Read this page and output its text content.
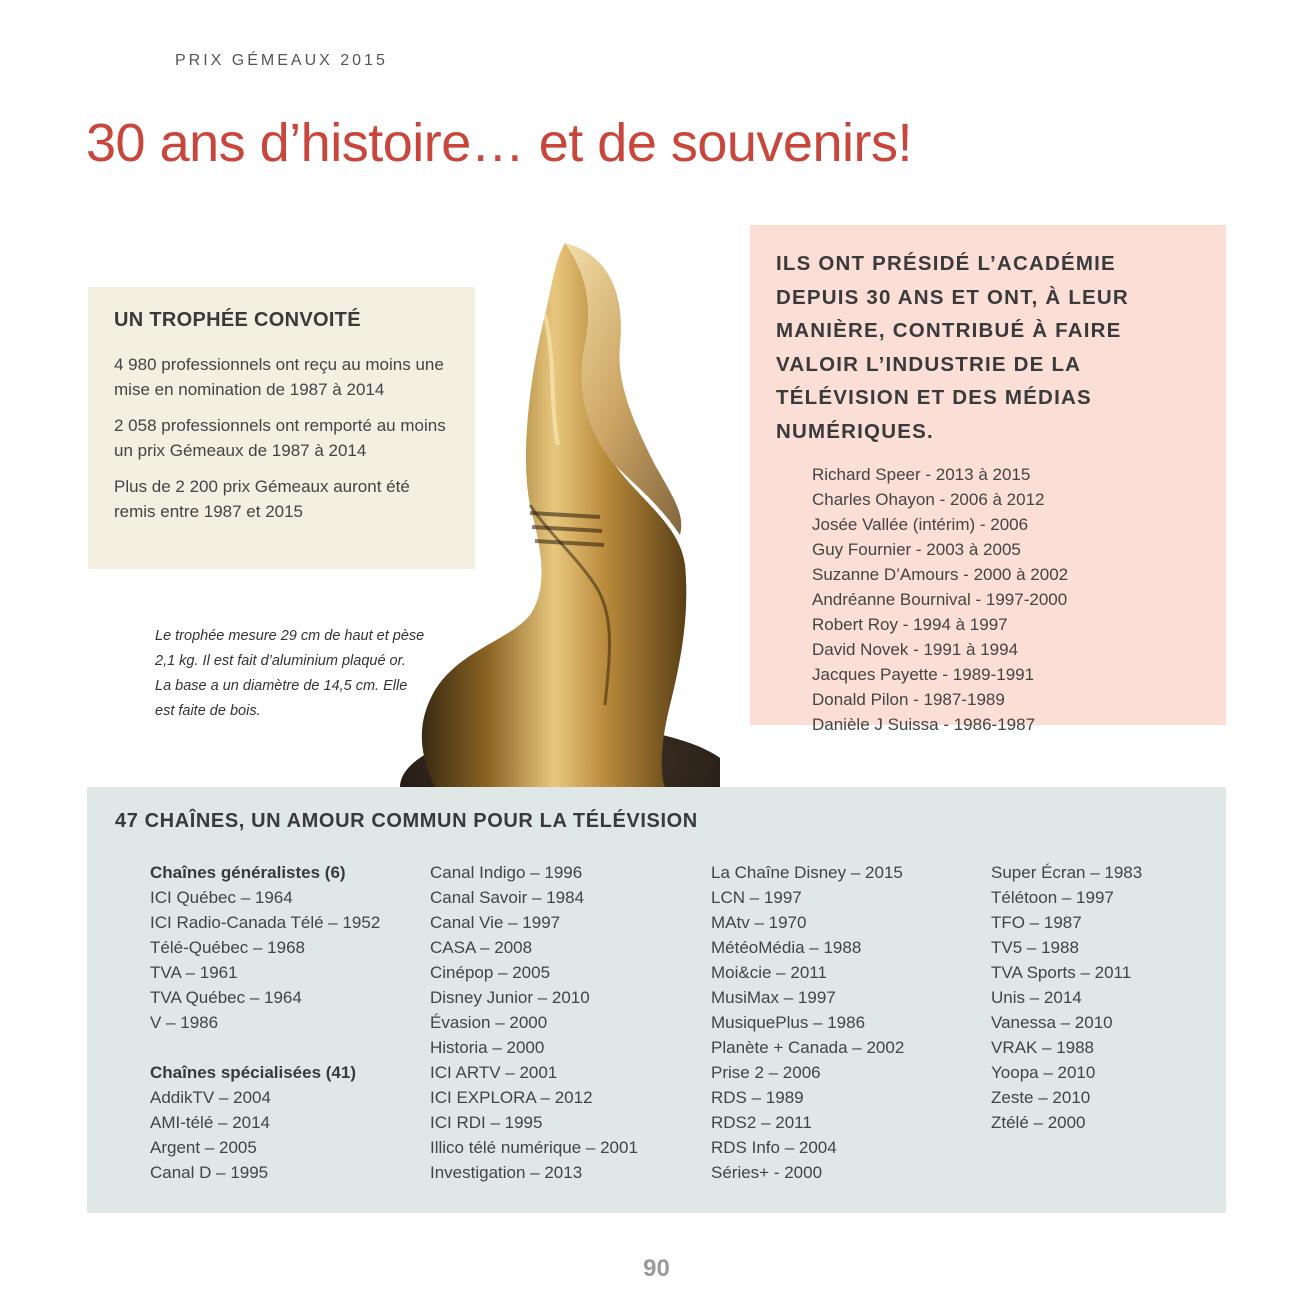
PRIX GÉMEAUX 2015
30 ans d’histoire… et de souvenirs!
UN TROPHÉE CONVOITÉ

4 980 professionnels ont reçu au moins une mise en nomination de 1987 à 2014

2 058 professionnels ont remporté au moins un prix Gémeaux de 1987 à 2014

Plus de 2 200 prix Gémeaux auront été remis entre 1987 et 2015

Le trophée mesure 29 cm de haut et pèse 2,1 kg. Il est fait d’aluminium plaqué or. La base a un diamètre de 14,5 cm. Elle est faite de bois.
ILS ONT PRÉSIDÉ L’ACADÉMIE DEPUIS 30 ANS ET ONT, À LEUR MANIÈRE, CONTRIBUÉ À FAIRE VALOIR L’INDUSTRIE DE LA TÉLÉVISION ET DES MÉDIAS NUMÉRIQUES.
Richard Speer - 2013 à 2015
Charles Ohayon - 2006 à 2012
Josée Vallée (intérim) - 2006
Guy Fournier - 2003 à 2005
Suzanne D’Amours - 2000 à 2002
Andréanne Bournival - 1997-2000
Robert Roy - 1994 à 1997
David Novek - 1991 à 1994
Jacques Payette - 1989-1991
Donald Pilon - 1987-1989
Danièle J Suissa - 1986-1987
47 CHAÎNES, UN AMOUR COMMUN POUR LA TÉLÉVISION
Chaînes généralistes (6)
ICI Québec – 1964
ICI Radio-Canada Télé – 1952
Télé-Québec – 1968
TVA – 1961
TVA Québec – 1964
V – 1986
Chaînes spécialisées (41)
AddikTV – 2004
AMI-télé – 2014
Argent – 2005
Canal D – 1995
Canal Indigo – 1996
Canal Savoir – 1984
Canal Vie – 1997
CASA – 2008
Cinépop – 2005
Disney Junior – 2010
Évasion – 2000
Historia – 2000
ICI ARTV – 2001
ICI EXPLORA – 2012
ICI RDI – 1995
Illico télé numérique – 2001
Investigation – 2013
La Chaîne Disney – 2015
LCN – 1997
MAtv – 1970
MétéoMédia – 1988
Moi&cie – 2011
MusiMax – 1997
MusiquePlus – 1986
Planète + Canada – 2002
Prise 2 – 2006
RDS – 1989
RDS2 – 2011
RDS Info – 2004
Séries+ - 2000
Super Écran – 1983
Télétoon – 1997
TFO – 1987
TV5 – 1988
TVA Sports – 2011
Unis – 2014
Vanessa – 2010
VRAK – 1988
Yoopa – 2010
Zeste – 2010
Ztélé – 2000
90
